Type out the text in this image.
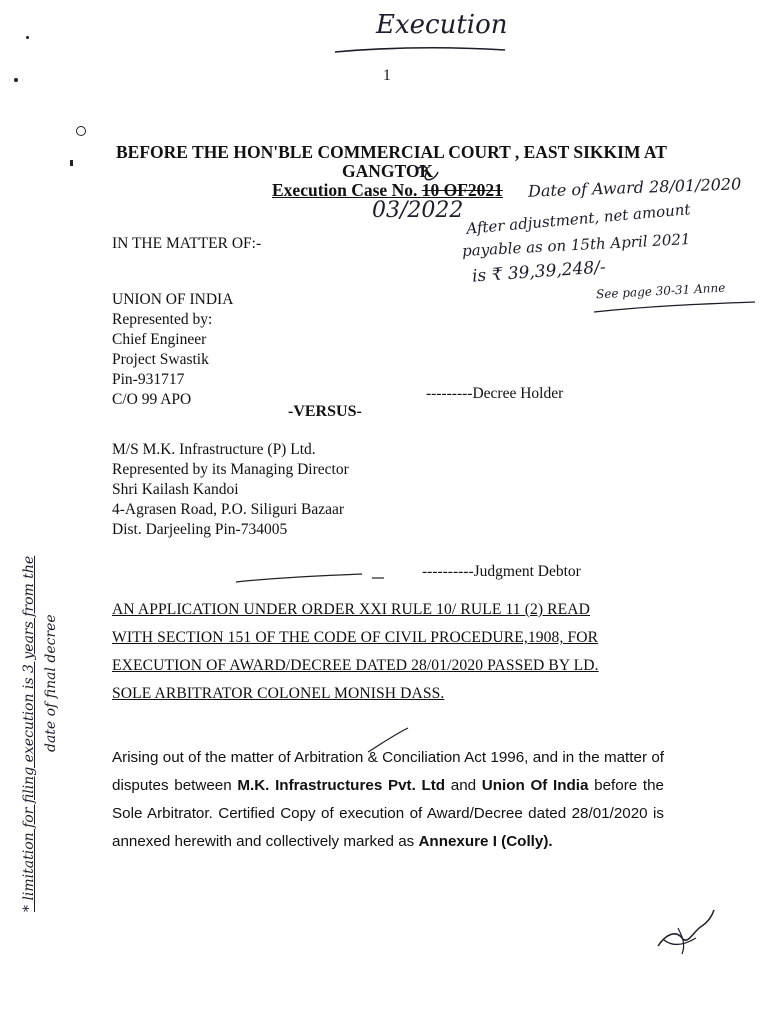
Execution
1
BEFORE THE HON'BLE COMMERCIAL COURT , EAST SIKKIM AT
GANGTOK
Execution Case No. 10 OF2021
03/2022
Date of Award 28/01/2020
After adjustment, net amount
payable as on 15th April 2021
is ₹ 39,39,248/-
See page 30-31 Anne
IN THE MATTER OF:-
UNION OF INDIA
Represented by:
Chief Engineer
Project Swastik
Pin-931717
C/O 99 APO	---------Decree Holder
-VERSUS-
M/S M.K. Infrastructure (P) Ltd.
Represented by its Managing Director
Shri Kailash Kandoi
4-Agrasen Road, P.O. Siliguri Bazaar
Dist. Darjeeling Pin-734005
----------Judgment Debtor
AN APPLICATION UNDER ORDER XXI RULE 10/ RULE 11 (2) READ
WITH SECTION 151 OF THE CODE OF CIVIL PROCEDURE,1908, FOR
EXECUTION OF AWARD/DECREE DATED 28/01/2020 PASSED BY LD.
SOLE ARBITRATOR COLONEL MONISH DASS.
Arising out of the matter of Arbitration & Conciliation Act 1996, and in the matter of disputes between M.K. Infrastructures Pvt. Ltd and Union Of India before the Sole Arbitrator. Certified Copy of execution of Award/Decree dated 28/01/2020 is annexed herewith and collectively marked as Annexure I (Colly).
* limitation for filing execution is 3 years from the date of final decree
